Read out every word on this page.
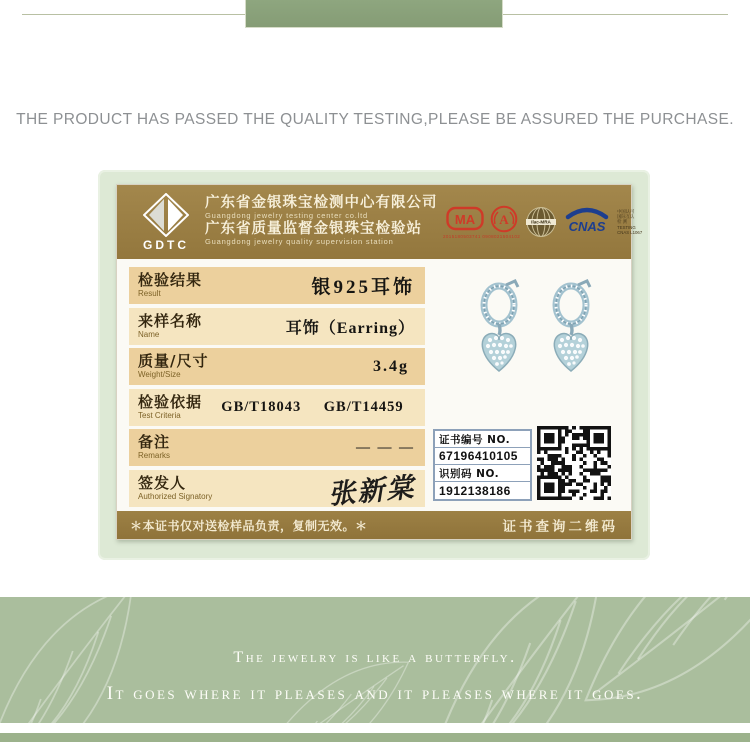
THE PRODUCT HAS PASSED THE QUALITY TESTING,PLEASE BE ASSURED THE PURCHASE.
GDTC
广东省金银珠宝检测中心有限公司
Guangdong jewelry testing center co.ltd
广东省质量监督金银珠宝检验站
Guangdong jewelry quality supervision station
MA A
2015180503741 0908021504102
ilac-MRA CNAS
中国认可
国际互认
检 测
TESTING
CNAS L1067
检验结果
Result	银925耳饰
来样名称
Name	耳饰（Earring）
质量/尺寸
Weight/Size	3.4g
检验依据
Test Criteria
GB/T18043 GB/T14459
备注
Remarks
— — —
签发人
Authorized Signatory	张新棠
证书编号 NO.
67196410105
识别码 NO.
1912138186
＊本证书仅对送检样品负责，复制无效。＊	证书查询二维码
The jewelry is like a butterfly.
It goes where it pleases and it pleases where it goes.
